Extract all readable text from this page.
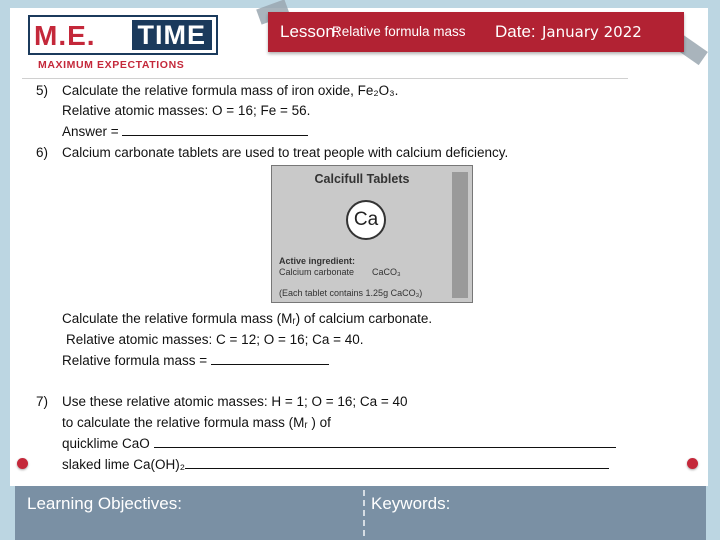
M.E. TIME
MAXIMUM EXPECTATIONS
Lesson:
Relative formula mass Date: January 2022
5) Calculate the relative formula mass of iron oxide, Fe₂O₃.
Relative atomic masses: O = 16; Fe = 56.
Answer =
6) Calcium carbonate tablets are used to treat people with calcium deficiency.
Calcifull Tablets
Ca
Active ingredient:
Calcium carbonate CaCO₃
(Each tablet contains 1.25g CaCO₃)
Calculate the relative formula mass (Mᵣ) of calcium carbonate.
Relative atomic masses: C = 12; O = 16; Ca = 40.
Relative formula mass =
7) Use these relative atomic masses: H = 1; O = 16; Ca = 40
to calculate the relative formula mass (Mᵣ ) of
quicklime CaO
slaked lime Ca(OH)₂
Learning Objectives:	Keywords:
